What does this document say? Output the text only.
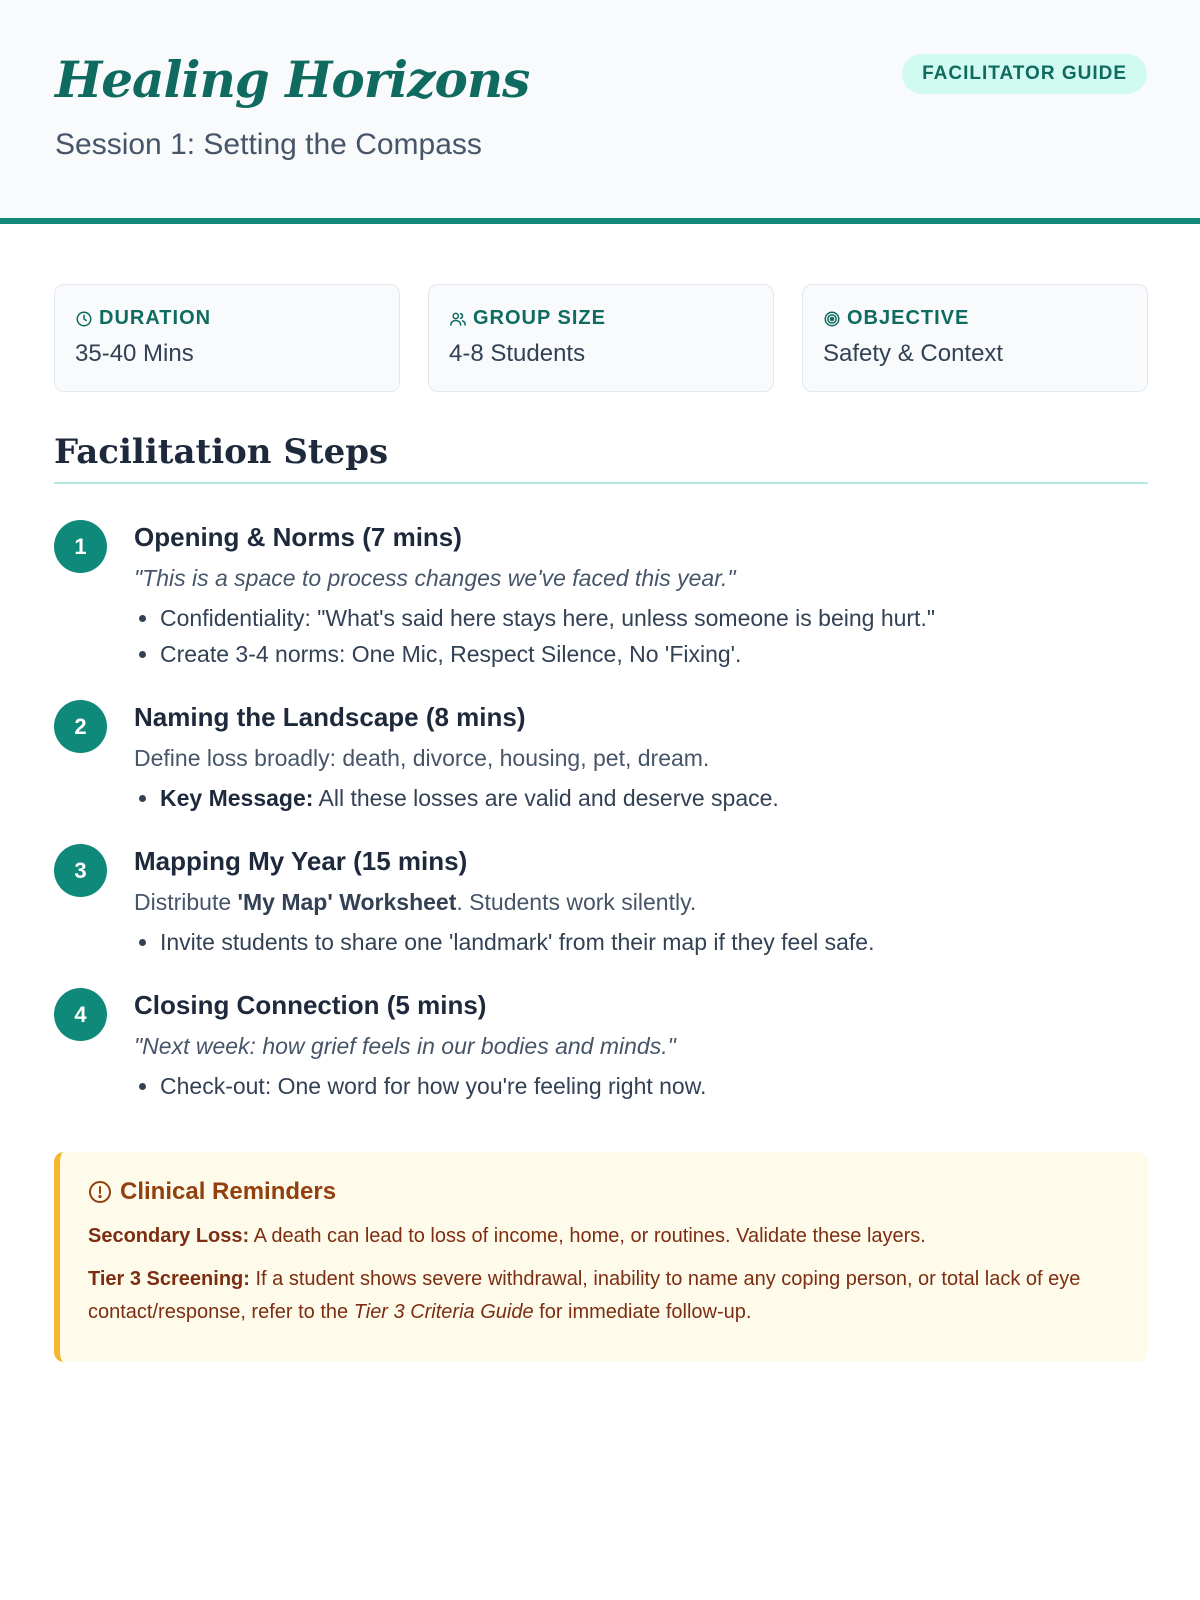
Healing Horizons
Session 1: Setting the Compass
FACILITATOR GUIDE
DURATION
35-40 Mins
GROUP SIZE
4-8 Students
OBJECTIVE
Safety & Context
Facilitation Steps
1	Opening & Norms (7 mins)
"This is a space to process changes we've faced this year."
• Confidentiality: "What's said here stays here, unless someone is being hurt."
• Create 3-4 norms: One Mic, Respect Silence, No 'Fixing'.
2	Naming the Landscape (8 mins)
Define loss broadly: death, divorce, housing, pet, dream.
• Key Message: All these losses are valid and deserve space.
3	Mapping My Year (15 mins)
Distribute 'My Map' Worksheet. Students work silently.
• Invite students to share one 'landmark' from their map if they feel safe.
4	Closing Connection (5 mins)
"Next week: how grief feels in our bodies and minds."
• Check-out: One word for how you're feeling right now.
Clinical Reminders

Secondary Loss: A death can lead to loss of income, home, or routines. Validate these layers.

Tier 3 Screening: If a student shows severe withdrawal, inability to name any coping person, or total lack of eye contact/response, refer to the Tier 3 Criteria Guide for immediate follow-up.
